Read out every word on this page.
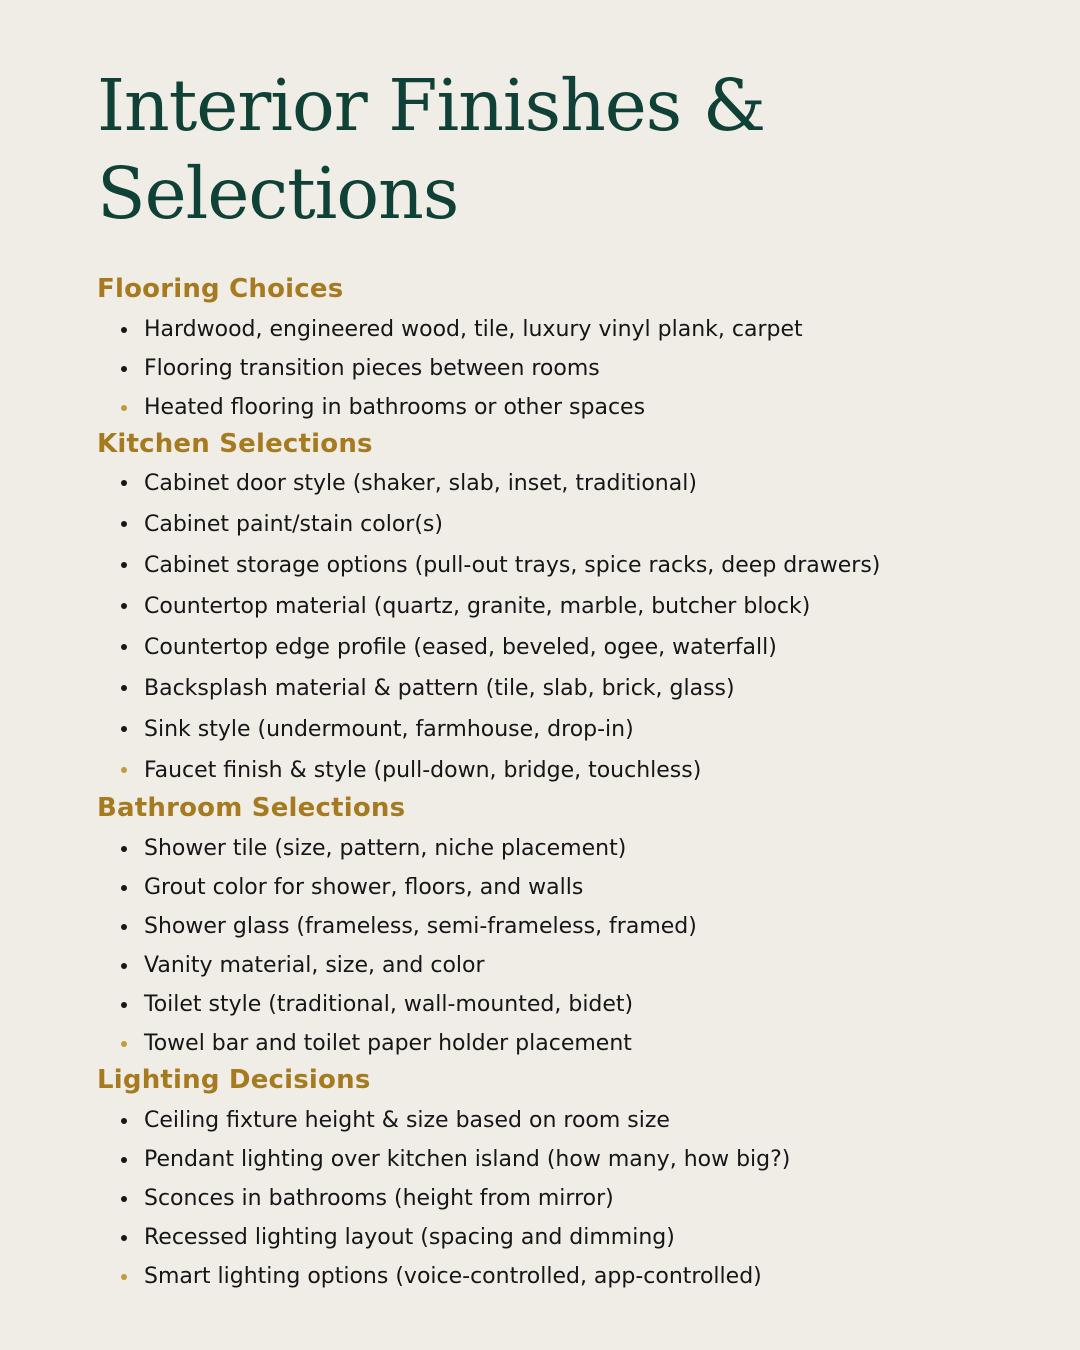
Interior Finishes & Selections
Flooring Choices
Hardwood, engineered wood, tile, luxury vinyl plank, carpet
Flooring transition pieces between rooms
Heated flooring in bathrooms or other spaces
Kitchen Selections
Cabinet door style (shaker, slab, inset, traditional)
Cabinet paint/stain color(s)
Cabinet storage options (pull-out trays, spice racks, deep drawers)
Countertop material (quartz, granite, marble, butcher block)
Countertop edge profile (eased, beveled, ogee, waterfall)
Backsplash material & pattern (tile, slab, brick, glass)
Sink style (undermount, farmhouse, drop-in)
Faucet finish & style (pull-down, bridge, touchless)
Bathroom Selections
Shower tile (size, pattern, niche placement)
Grout color for shower, floors, and walls
Shower glass (frameless, semi-frameless, framed)
Vanity material, size, and color
Toilet style (traditional, wall-mounted, bidet)
Towel bar and toilet paper holder placement
Lighting Decisions
Ceiling fixture height & size based on room size
Pendant lighting over kitchen island (how many, how big?)
Sconces in bathrooms (height from mirror)
Recessed lighting layout (spacing and dimming)
Smart lighting options (voice-controlled, app-controlled)
